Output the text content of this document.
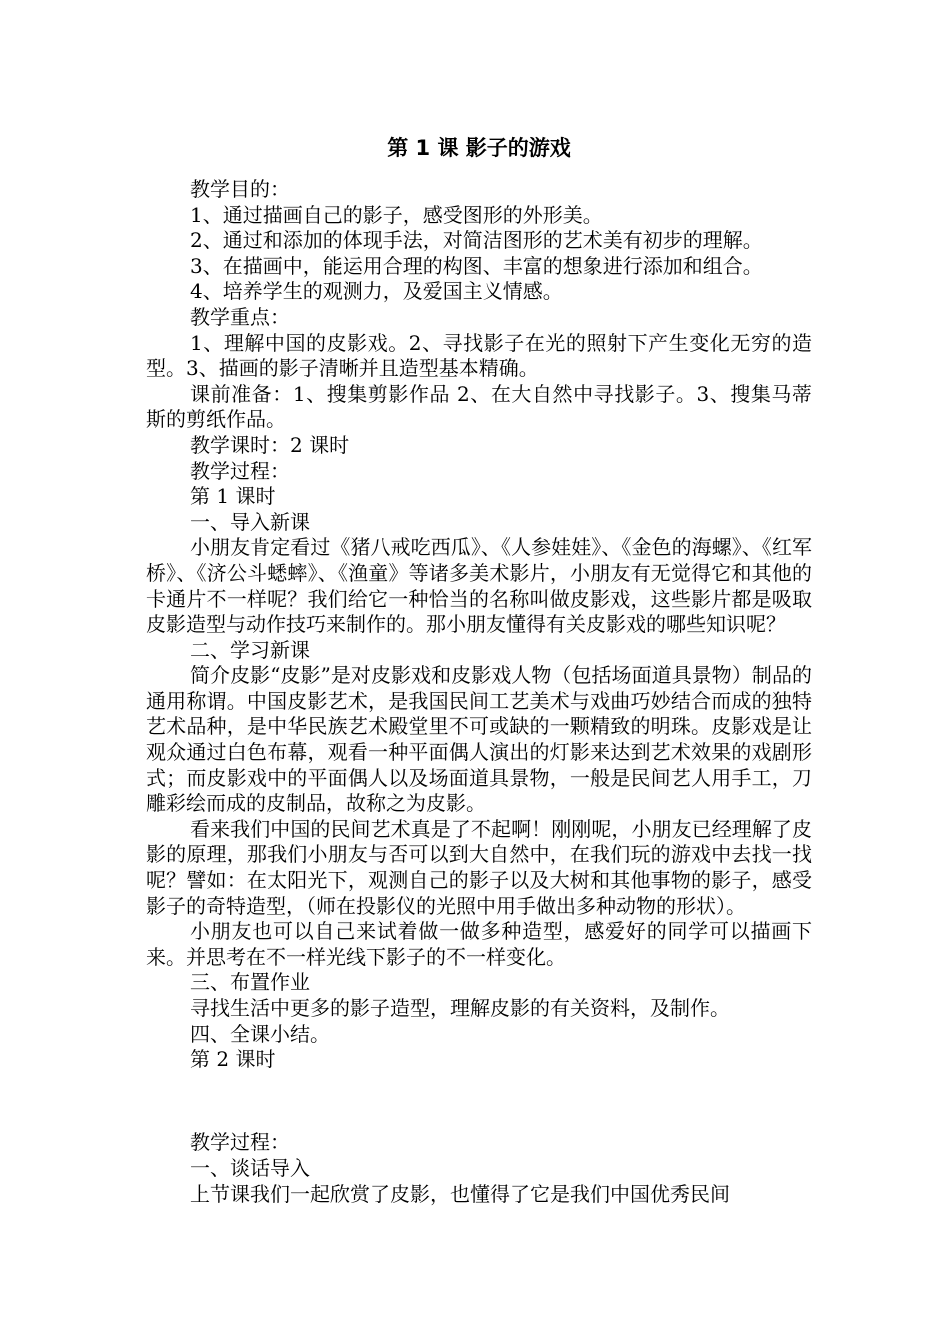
第 1 课 影子的游戏

教学目的：

1、通过描画自己的影子，感受图形的外形美。

2、通过和添加的体现手法，对简洁图形的艺术美有初步的理解。

3、在描画中，能运用合理的构图、丰富的想象进行添加和组合。

4、培养学生的观测力，及爱国主义情感。

教学重点：

1、理解中国的皮影戏。2、寻找影子在光的照射下产生变化无穷的造型。3、描画的影子清晰并且造型基本精确。

课前准备：1、搜集剪影作品 2、在大自然中寻找影子。3、搜集马蒂斯的剪纸作品。

教学课时：2 课时

教学过程：

第 1 课时

一、导入新课

小朋友肯定看过《猪八戒吃西瓜》、《人参娃娃》、《金色的海螺》、《红军桥》、《济公斗蟋蟀》、《渔童》等诸多美术影片，小朋友有无觉得它和其他的卡通片不一样呢？我们给它一种恰当的名称叫做皮影戏，这些影片都是吸取皮影造型与动作技巧来制作的。那小朋友懂得有关皮影戏的哪些知识呢？

二、学习新课

简介皮影“皮影”是对皮影戏和皮影戏人物（包括场面道具景物）制品的通用称谓。中国皮影艺术，是我国民间工艺美术与戏曲巧妙结合而成的独特艺术品种，是中华民族艺术殿堂里不可或缺的一颗精致的明珠。皮影戏是让观众通过白色布幕，观看一种平面偶人演出的灯影来达到艺术效果的戏剧形式；而皮影戏中的平面偶人以及场面道具景物，一般是民间艺人用手工，刀雕彩绘而成的皮制品，故称之为皮影。

看来我们中国的民间艺术真是了不起啊！刚刚呢，小朋友已经理解了皮影的原理，那我们小朋友与否可以到大自然中，在我们玩的游戏中去找一找呢？譬如：在太阳光下，观测自己的影子以及大树和其他事物的影子，感受影子的奇特造型，（师在投影仪的光照中用手做出多种动物的形状）。

小朋友也可以自己来试着做一做多种造型，感爱好的同学可以描画下来。并思考在不一样光线下影子的不一样变化。

三、布置作业

寻找生活中更多的影子造型，理解皮影的有关资料，及制作。

四、全课小结。

第 2 课时

教学过程：

一、谈话导入

上节课我们一起欣赏了皮影，也懂得了它是我们中国优秀民间
